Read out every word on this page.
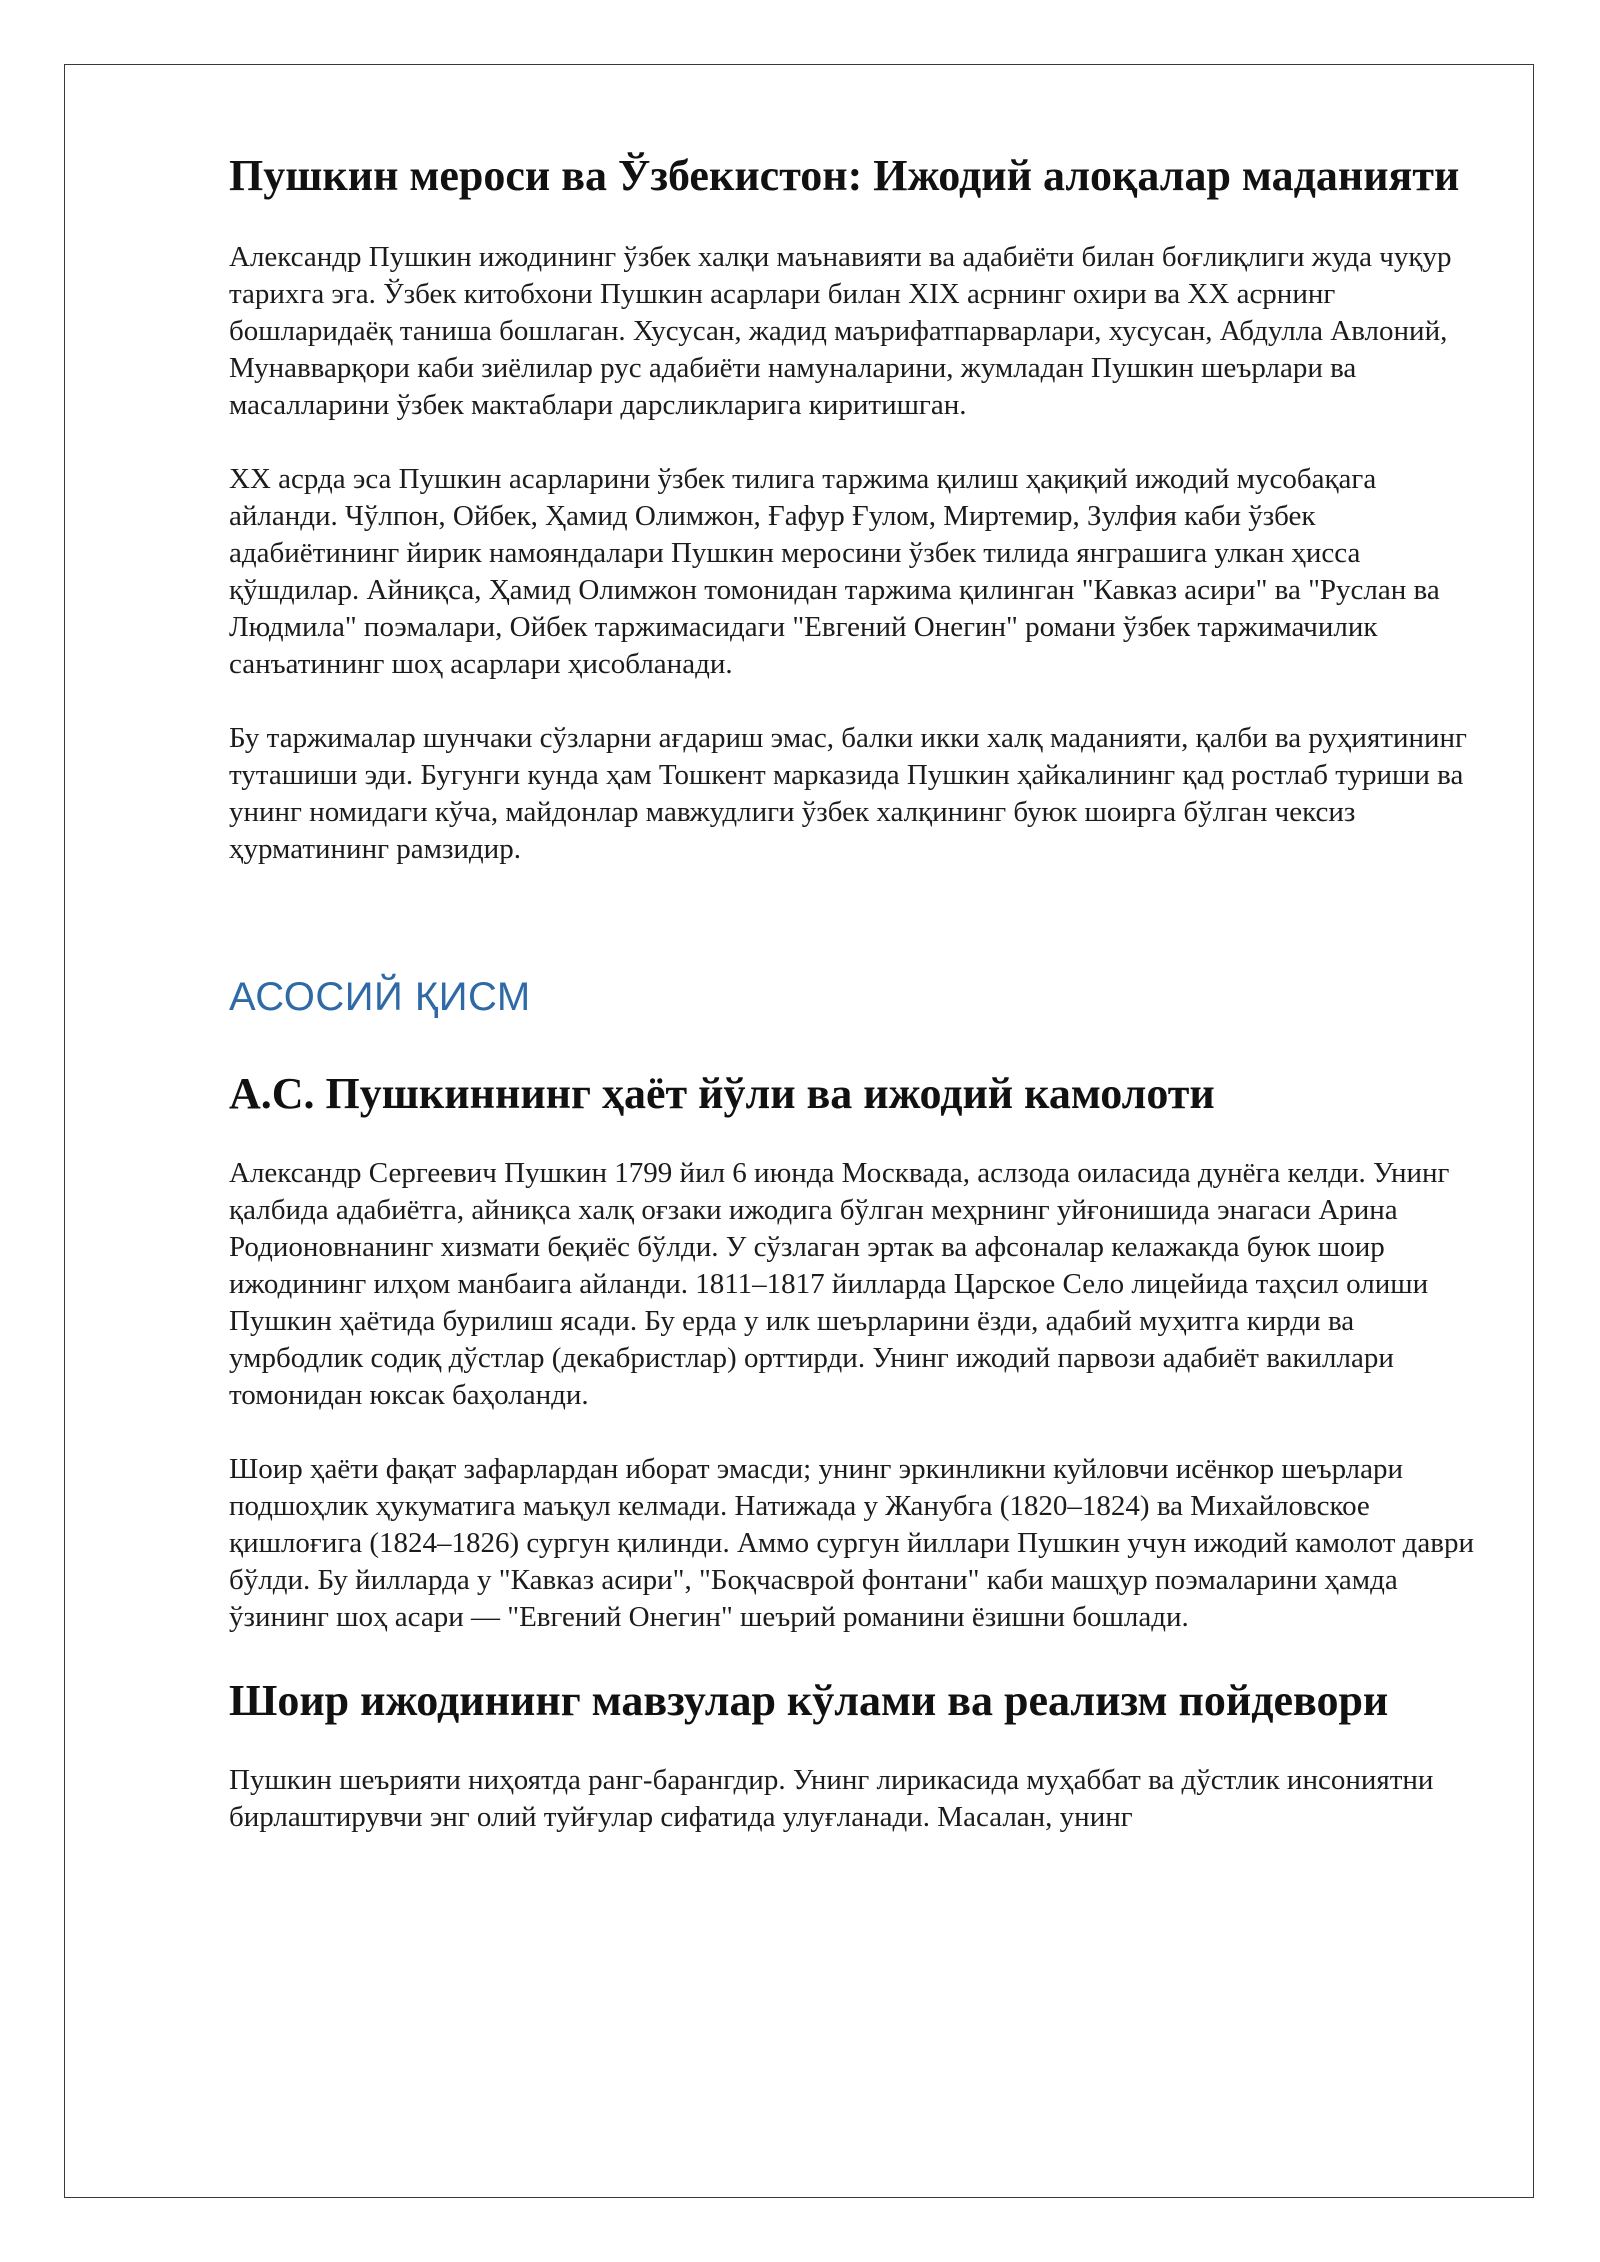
Пушкин мероси ва Ўзбекистон: Ижодий алоқалар маданияти

Александр Пушкин ижодининг ўзбек халқи маънавияти ва адабиёти билан боғлиқлиги жуда чуқур тарихга эга. Ўзбек китобхони Пушкин асарлари билан XIX асрнинг охири ва XX асрнинг бошларидаёқ таниша бошлаган. Хусусан, жадид маърифатпарварлари, хусусан, Абдулла Авлоний, Мунавварқори каби зиёлилар рус адабиёти намуналарини, жумладан Пушкин шеърлари ва масалларини ўзбек мактаблари дарсликларига киритишган.

XX асрда эса Пушкин асарларини ўзбек тилига таржима қилиш ҳақиқий ижодий мусобақага айланди. Чўлпон, Ойбек, Ҳамид Олимжон, Ғафур Ғулом, Миртемир, Зулфия каби ўзбек адабиётининг йирик намояндалари Пушкин меросини ўзбек тилида янграшига улкан ҳисса қўшдилар. Айниқса, Ҳамид Олимжон томонидан таржима қилинган "Кавказ асири" ва "Руслан ва Людмила" поэмалари, Ойбек таржимасидаги "Евгений Онегин" романи ўзбек таржимачилик санъатининг шоҳ асарлари ҳисобланади.

Бу таржималар шунчаки сўзларни ағдариш эмас, балки икки халқ маданияти, қалби ва руҳиятининг туташиши эди. Бугунги кунда ҳам Тошкент марказида Пушкин ҳайкалининг қад ростлаб туриши ва унинг номидаги кўча, майдонлар мавжудлиги ўзбек халқининг буюк шоирга бўлган чексиз ҳурматининг рамзидир.

АСОСИЙ ҚИСМ
А.С. Пушкиннинг ҳаёт йўли ва ижодий камолоти

Александр Сергеевич Пушкин 1799 йил 6 июнда Москвада, аслзода оиласида дунёга келди. Унинг қалбида адабиётга, айниқса халқ оғзаки ижодига бўлган меҳрнинг уйғонишида энагаси Арина Родионовнанинг хизмати беқиёс бўлди. У сўзлаган эртак ва афсоналар келажакда буюк шоир ижодининг илҳом манбаига айланди. 1811–1817 йилларда Царское Село лицейида таҳсил олиши Пушкин ҳаётида бурилиш ясади. Бу ерда у илк шеърларини ёзди, адабий муҳитга кирди ва умрбодлик содиқ дўстлар (декабристлар) орттирди. Унинг ижодий парвози адабиёт вакиллари томонидан юксак баҳоланди.

Шоир ҳаёти фақат зафарлардан иборат эмасди; унинг эркинликни куйловчи исёнкор шеърлари подшоҳлик ҳукуматига маъқул келмади. Натижада у Жанубга (1820–1824) ва Михайловское қишлоғига (1824–1826) сургун қилинди. Аммо сургун йиллари Пушкин учун ижодий камолот даври бўлди. Бу йилларда у "Кавказ асири", "Боқчасврой фонтани" каби машҳур поэмаларини ҳамда ўзининг шоҳ асари — "Евгений Онегин" шеърий романини ёзишни бошлади.

Шоир ижодининг мавзулар кўлами ва реализм пойдевори

Пушкин шеърияти ниҳоятда ранг-барангдир. Унинг лирикасида муҳаббат ва дўстлик инсониятни бирлаштирувчи энг олий туйғулар сифатида улуғланади. Масалан, унинг
